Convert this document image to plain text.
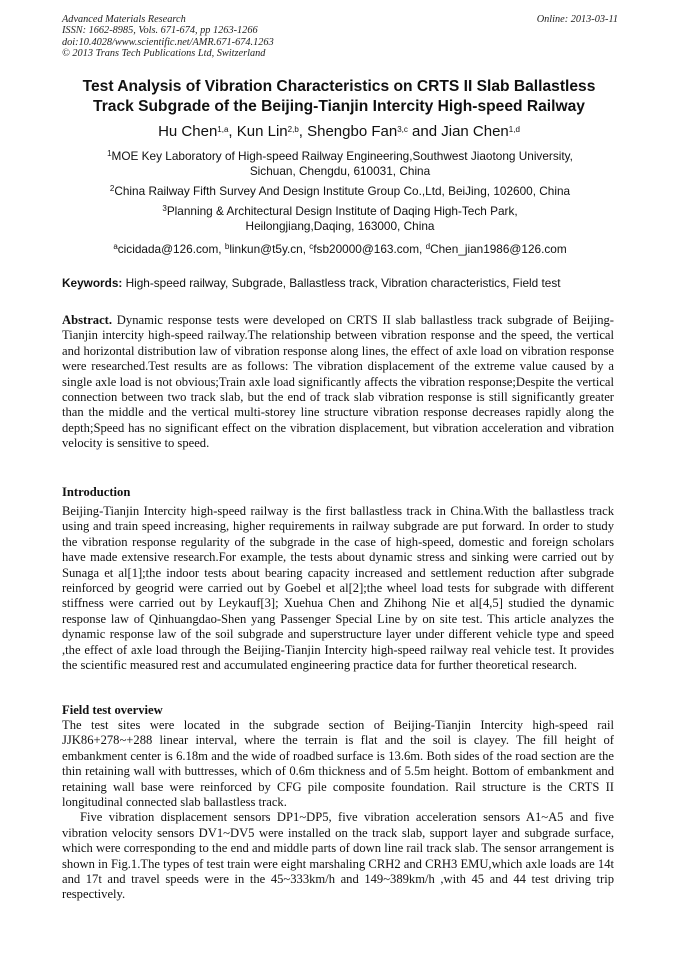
Advanced Materials Research
ISSN: 1662-8985, Vols. 671-674, pp 1263-1266
doi:10.4028/www.scientific.net/AMR.671-674.1263
© 2013 Trans Tech Publications Ltd, Switzerland
Online: 2013-03-11
Test Analysis of Vibration Characteristics on CRTS II Slab Ballastless
Track Subgrade of the Beijing-Tianjin Intercity High-speed Railway
Hu Chen$^{1,a}$, Kun Lin$^{2,b}$, Shengbo Fan$^{3,c}$ and Jian Chen$^{1,d}$
$^1$MOE Key Laboratory of High-speed Railway Engineering,Southwest Jiaotong University,
Sichuan, Chengdu, 610031, China
$^2$China Railway Fifth Survey And Design Institute Group Co.,Ltd, BeiJing, 102600, China
$^3$Planning & Architectural Design Institute of Daqing High-Tech Park,
Heilongjiang,Daqing, 163000, China
$^a$cicidada@126.com, $^b$linkun@t5y.cn, $^c$fsb20000@163.com, $^d$Chen_jian1986@126.com
Keywords: High-speed railway, Subgrade, Ballastless track, Vibration characteristics, Field test
Abstract. Dynamic response tests were developed on CRTS II slab ballastless track subgrade of Beijing-Tianjin intercity high-speed railway.The relationship between vibration response and the speed, the vertical and horizontal distribution law of vibration response along lines, the effect of axle load on vibration response were researched.Test results are as follows: The vibration displacement of the extreme value caused by a single axle load is not obvious;Train axle load significantly affects the vibration response;Despite the vertical connection between two track slab, but the end of track slab vibration response is still significantly greater than the middle and the vertical multi-storey line structure vibration response decreases rapidly along the depth;Speed has no significant effect on the vibration displacement, but vibration acceleration and vibration velocity is sensitive to speed.
Introduction
Beijing-Tianjin Intercity high-speed railway is the first ballastless track in China.With the ballastless track using and train speed increasing, higher requirements in railway subgrade are put forward. In order to study the vibration response regularity of the subgrade in the case of high-speed, domestic and foreign scholars have made extensive research.For example, the tests about dynamic stress and sinking were carried out by Sunaga et al[1];the indoor tests about bearing capacity increased and settlement reduction after subgrade reinforced by geogrid were carried out by Goebel et al[2];the wheel load tests for subgrade with different stiffness were carried out by Leykauf[3]; Xuehua Chen and Zhihong Nie et al[4,5] studied the dynamic response law of Qinhuangdao-Shen yang Passenger Special Line by on site test. This article analyzes the dynamic response law of the soil subgrade and superstructure layer under different vehicle type and speed ,the effect of axle load through the Beijing-Tianjin Intercity high-speed railway real vehicle test. It provides the scientific measured rest and accumulated engineering practice data for further theoretical research.
Field test overview
The test sites were located in the subgrade section of Beijing-Tianjin Intercity high-speed rail JJK86+278~+288 linear interval, where the terrain is flat and the soil is clayey. The fill height of embankment center is 6.18m and the wide of roadbed surface is 13.6m. Both sides of the road section are the thin retaining wall with buttresses, which of 0.6m thickness and of 5.5m height. Bottom of embankment and retaining wall base were reinforced by CFG pile composite foundation. Rail structure is the CRTS II longitudinal connected slab ballastless track.
Five vibration displacement sensors DP1~DP5, five vibration acceleration sensors A1~A5 and five vibration velocity sensors DV1~DV5 were installed on the track slab, support layer and subgrade surface, which were corresponding to the end and middle parts of down line rail track slab. The sensor arrangement is shown in Fig.1.The types of test train were eight marshaling CRH2 and CRH3 EMU,which axle loads are 14t and 17t and travel speeds were in the 45~333km/h and 149~389km/h ,with 45 and 44 test driving trip respectively.
